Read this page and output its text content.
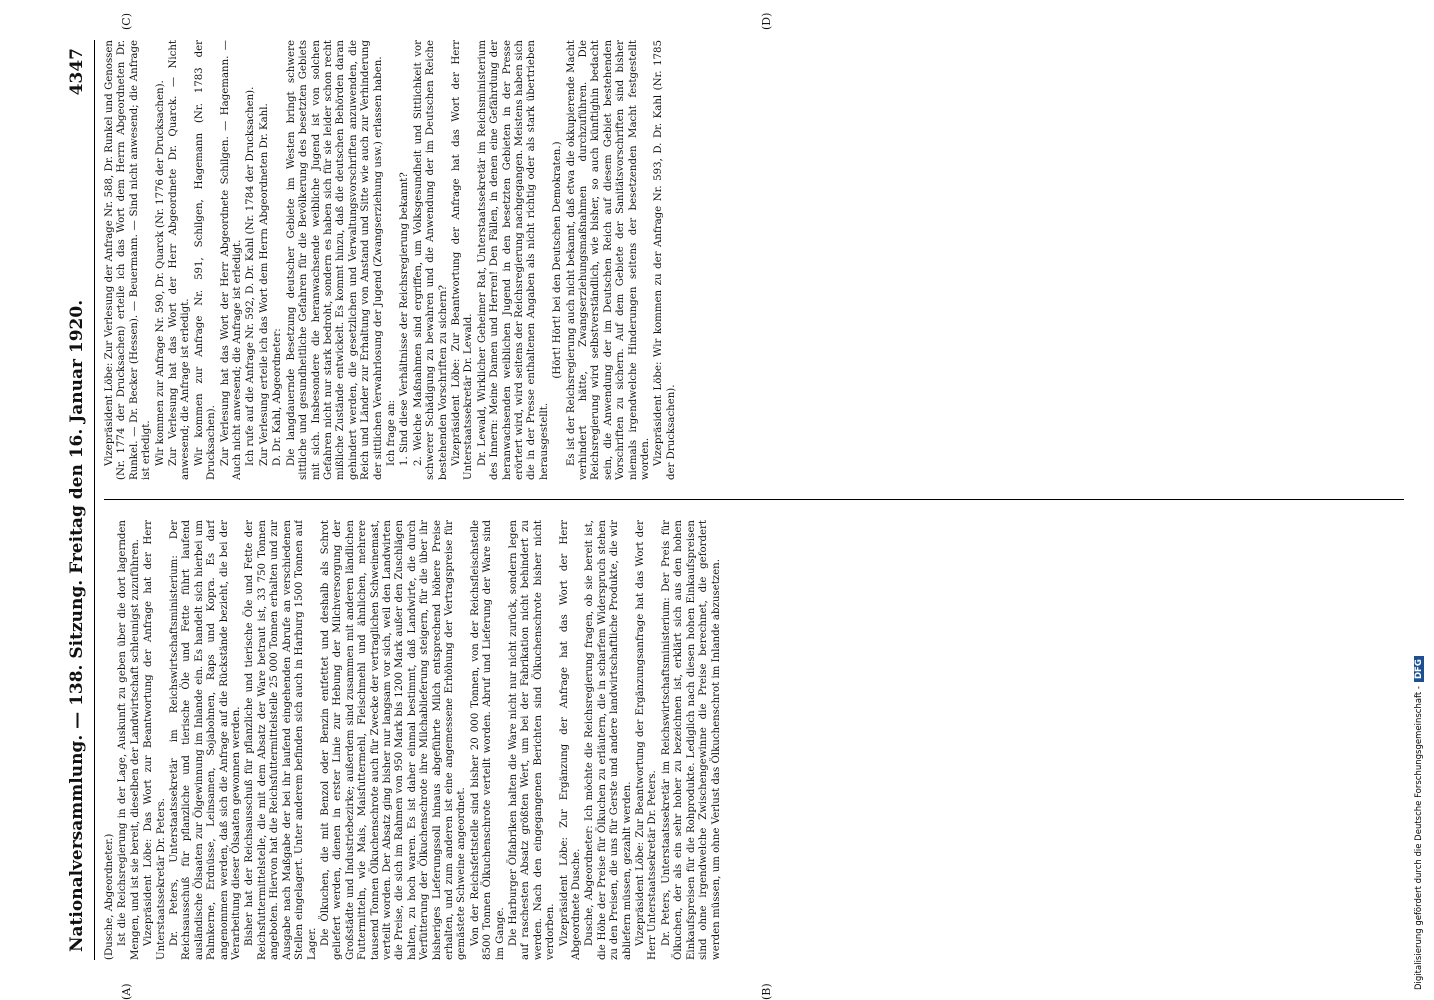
Nationalversammlung. — 138. Sitzung. Freitag den 16. Januar 1920.
4347

(Dusche, Abgeordneter.) Ist die Reichsregierung in der Lage, Auskunft zu geben über die dort lagernden Mengen, und ist sie bereit, dieselben der Landwirtschaft schleunigst zuzuführen. Vizepräsident Löbe: Das Wort zur Beantwortung der Anfrage hat der Herr Unterstaatssekretär Dr. Peters. Dr. Peters, Unterstaatssekretär im Reichswirtschaftsministerium: Der Reichsausschuß für pflanzliche und tierische Öle und Fette führt laufend ausländische Ölsaaten zur Ölgewinnung im Inlande ein. Es handelt sich hierbei um Palmkerne, Erdnüsse, Leinsamen, Sojabohnen, Raps und Kopra. Es darf angenommen werden, daß sich die Anfrage auf die Rückstände bezieht, die bei der Verarbeitung dieser Ölsaaten gewonnen werden. Bisher hat der Reichsausschuß für pflanzliche und tierische Öle und Fette der Reichsfuttermittelstelle, die mit dem Absatz der Ware betraut ist, 33 750 Tonnen angeboten. Hiervon hat die Reichsfuttermittelstelle 25 000 Tonnen erhalten und zur Ausgabe nach Maßgabe der bei ihr laufend eingehenden Abrufe an verschiedenen Stellen eingelagert. Unter anderem befinden sich auch in Harburg 1500 Tonnen auf Lager. Die Ölkuchen, die mit Benzol oder Benzin entfettet und deshalb als Schrot geliefert werden, dienen in erster Linie zur Hebung der Milchversorgung der Großstädte und Industriebezirke; außerdem sind zusammen mit anderen ländlichen Futtermitteln, wie Mais, Maisfuttermehl, Fleischmehl und ähnlichen, mehrere tausend Tonnen Ölkuchenschrote auch für Zwecke der vertraglichen Schweinemast, verteilt worden. Der Absatz ging bisher nur langsam vor sich, weil den Landwirten die Preise, die sich im Rahmen von 950 Mark bis 1200 Mark außer den Zuschlägen halten, zu hoch waren. Es ist daher einmal bestimmt, daß Landwirte, die durch Verfütterung der Ölkuchenschrote ihre Milchablieferung steigern, für die über ihr bisheriges Lieferungssoll hinaus abgeführte Milch entsprechend höhere Preise erhalten, und zum anderen ist eine angemessene Erhöhung der Vertragspreise für gemästete Schweine angeordnet. Von der Reichsfettstelle sind bisher 20 000 Tonnen, von der Reichsfleischstelle 8500 Tonnen Ölkuchenschrote verteilt worden. Abruf und Lieferung der Ware sind im Gange. Die Harburger Ölfabriken halten die Ware nicht nur nicht zurück, sondern legen auf raschesten Absatz größten Wert, um bei der Fabrikation nicht behindert zu werden. Nach den eingegangenen Berichten sind Ölkuchenschrote bisher nicht verdorben. Vizepräsident Löbe: Zur Ergänzung der Anfrage hat das Wort der Herr Abgeordnete Dusche. Dusche, Abgeordneter: Ich möchte die Reichsregierung fragen, ob sie bereit ist, die Höhe der Preise für Ölkuchen zu erläutern, die in scharfem Widerspruch stehen zu den Preisen, die uns für Gerste und andere landwirtschaftliche Produkte, die wir abliefern müssen, gezahlt werden. Vizepräsident Löbe: Zur Beantwortung der Ergänzungsanfrage hat das Wort der Herr Unterstaatssekretär Dr. Peters. Dr. Peters, Unterstaatssekretär im Reichswirtschaftsministerium: Der Preis für Ölkuchen, der als ein sehr hoher zu bezeichnen ist, erklärt sich aus den hohen Einkaufspreisen für die Rohprodukte. Lediglich nach diesen hohen Einkaufspreisen sind ohne irgendwelche Zwischengewinne die Preise berechnet, die gefordert werden müssen, um ohne Verlust das Ölkuchenschrot im Inlande abzusetzen.

Vizepräsident Löbe: Zur Verlesung der Anfrage Nr. 588, Dr. Runkel und Genossen (Nr. 1774 der Drucksachen) erteile ich das Wort dem Herrn Abgeordneten Dr. Runkel. — Dr. Becker (Hessen). — Beuermann. — Sind nicht anwesend; die Anfrage ist erledigt. Wir kommen zur Anfrage Nr. 590, Dr. Quarck (Nr. 1776 der Drucksachen). Zur Verlesung hat das Wort der Herr Abgeordnete Dr. Quarck. — Nicht anwesend; die Anfrage ist erledigt. Wir kommen zur Anfrage Nr. 591, Schilgen, Hagemann (Nr. 1783 der Drucksachen). Zur Verlesung hat das Wort der Herr Abgeordnete Schilgen. — Hagemann. — Auch nicht anwesend; die Anfrage ist erledigt. Ich rufe auf die Anfrage Nr. 592, D. Dr. Kahl (Nr. 1784 der Drucksachen). Zur Verlesung erteile ich das Wort dem Herrn Abgeordneten Dr. Kahl. D. Dr. Kahl, Abgeordneter: Die langdauernde Besetzung deutscher Gebiete im Westen bringt schwere sittliche und gesundheitliche Gefahren für die Bevölkerung des besetzten Gebiets mit sich. Insbesondere die heranwachsende weibliche Jugend ist von solchen Gefahren nicht nur stark bedroht, sondern es haben sich für sie leider schon recht mißliche Zustände entwickelt. Es kommt hinzu, daß die deutschen Behörden daran gehindert werden, die gesetzlichen und Verwaltungsvorschriften anzuwenden, die Reich und Länder zur Erhaltung von Anstand und Sitte wie auch zur Verhinderung der sittlichen Verwahrlosung der Jugend (Zwangserziehung usw.) erlassen haben. Ich frage an: 1. Sind diese Verhältnisse der Reichsregierung bekannt? 2. Welche Maßnahmen sind ergriffen, um Volksgesundheit und Sittlichkeit vor schwerer Schädigung zu bewahren und die Anwendung der im Deutschen Reiche bestehenden Vorschriften zu sichern? Vizepräsident Löbe: Zur Beantwortung der Anfrage hat das Wort der Herr Unterstaatssekretär Dr. Lewald. Dr. Lewald, Wirklicher Geheimer Rat, Unterstaatssekretär im Reichsministerium des Innern: Meine Damen und Herren! Den Fällen, in denen eine Gefährdung der heranwachsenden weiblichen Jugend in den besetzten Gebieten in der Presse erörtert wird, wird seitens der Reichsregierung nachgegangen. Meistens haben sich die in der Presse enthaltenen Angaben als nicht richtig oder als stark übertrieben herausgestellt.

(Hört! Hört! bei den Deutschen Demokraten.) Es ist der Reichsregierung auch nicht bekannt, daß etwa die okkupierende Macht verhindert hätte, Zwangserziehungsmaßnahmen durchzuführen. Die Reichsregierung wird selbstverständlich, wie bisher, so auch künftighin bedacht sein, die Anwendung der im Deutschen Reich auf diesem Gebiet bestehenden Vorschriften zu sichern. Auf dem Gebiete der Sanitätsvorschriften sind bisher niemals irgendwelche Hinderungen seitens der besetzenden Macht festgestellt worden. Vizepräsident Löbe: Wir kommen zu der Anfrage Nr. 593, D. Dr. Kahl (Nr. 1785 der Drucksachen).

(A)	(B)
(C)	(D)
Digitalisierung gefördert durch die Deutsche Forschungsgemeinschaft -DFG
